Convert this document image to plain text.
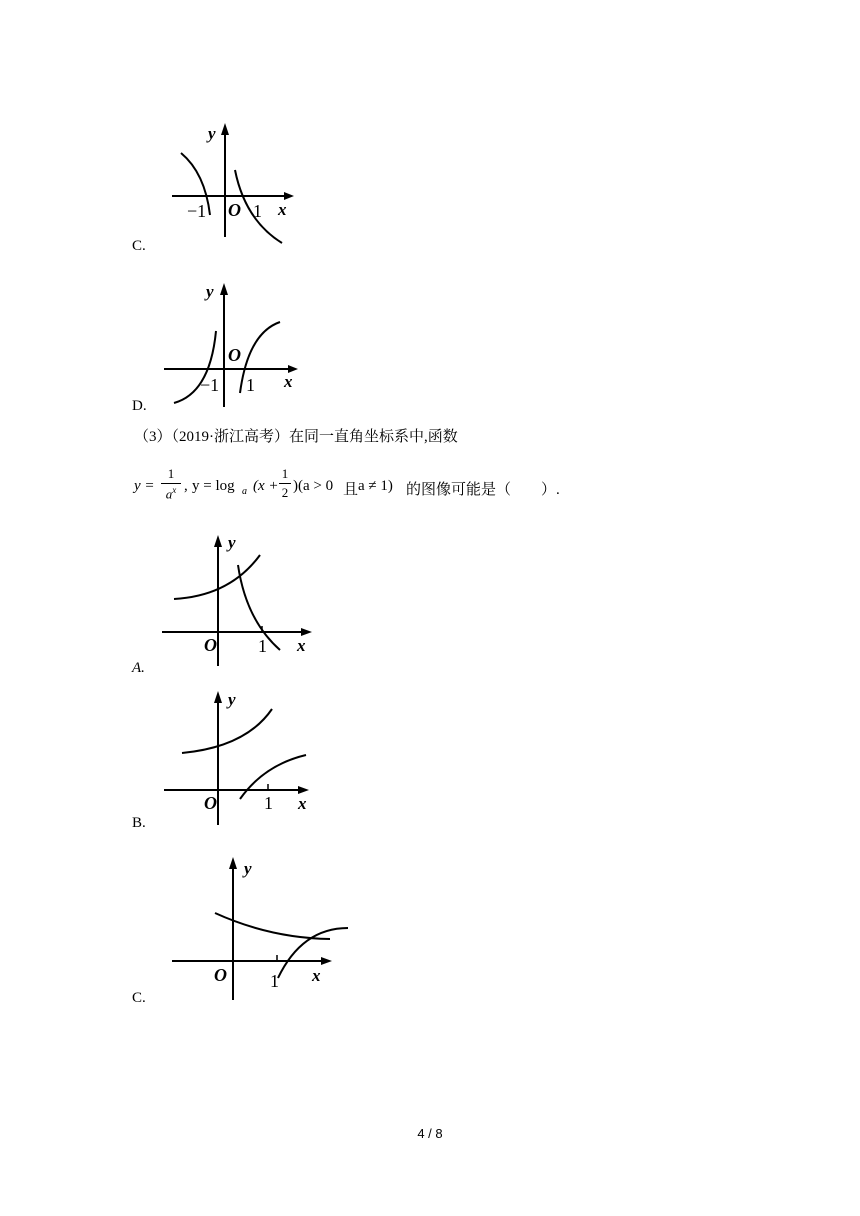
y
x
O
−1	1
C.
y
x
O
−1 1
D.
（3）（2019·浙江高考）在同一直角坐标系中,函数
y =
1
$a^x$ , y = log a (x +
1
2 )(a > 0 且 a ≠ 1) 的图像可能是（　　）.
y
x
O 1
A.
y
x
O	1
B.
y
x
O 1
C.
4 / 8
